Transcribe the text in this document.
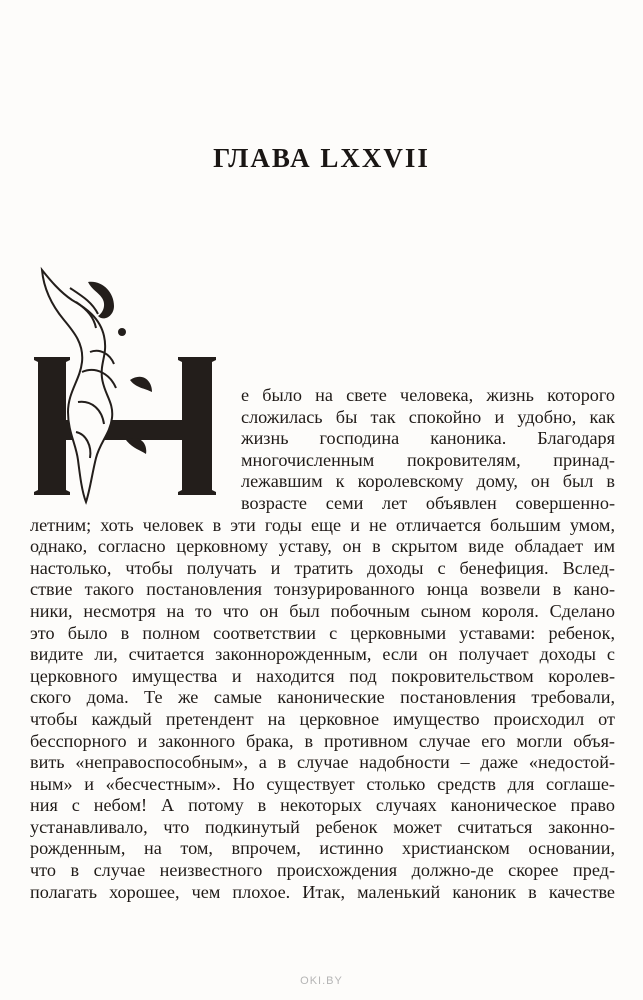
ГЛАВА LXXVII
е было на свете человека, жизнь которого
сложилась бы так спокойно и удобно, как
жизнь господина каноника. Благодаря
многочисленным покровителям, принад-
лежавшим к королевскому дому, он был в
возрасте семи лет объявлен совершенно-
летним; хоть человек в эти годы еще и не отличается большим умом,
однако, согласно церковному уставу, он в скрытом виде обладает им
настолько, чтобы получать и тратить доходы с бенефиция. Вслед-
ствие такого постановления тонзурированного юнца возвели в кано-
ники, несмотря на то что он был побочным сыном короля. Сделано
это было в полном соответствии с церковными уставами: ребенок,
видите ли, считается законнорожденным, если он получает доходы с
церковного имущества и находится под покровительством королев-
ского дома. Те же самые канонические постановления требовали,
чтобы каждый претендент на церковное имущество происходил от
бесспорного и законного брака, в противном случае его могли объя-
вить «неправоспособным», а в случае надобности – даже «недостой-
ным» и «бесчестным». Но существует столько средств для соглаше-
ния с небом! А потому в некоторых случаях каноническое право
устанавливало, что подкинутый ребенок может считаться законно-
рожденным, на том, впрочем, истинно христианском основании,
что в случае неизвестного происхождения должно-де скорее пред-
полагать хорошее, чем плохое. Итак, маленький каноник в качестве
OKI.BY
